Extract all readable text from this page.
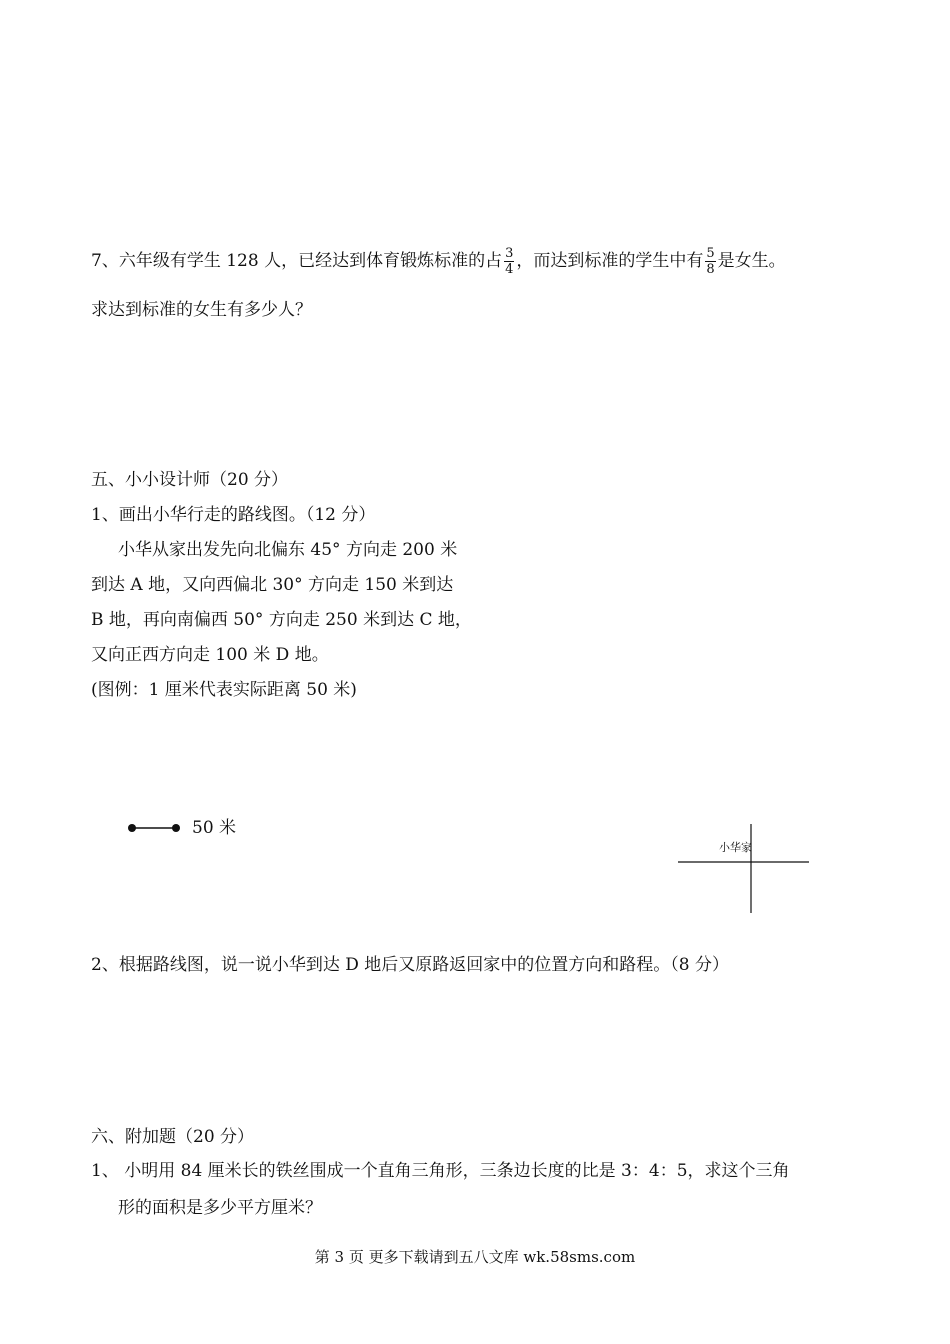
7、六年级有学生 128 人，已经达到体育锻炼标准的占 $\frac{3}{4}$ ，而达到标准的学生中有 $\frac{5}{8}$ 是女生。
求达到标准的女生有多少人？
五、小小设计师（20 分）
1、画出小华行走的路线图。（12 分）
小华从家出发先向北偏东 45° 方向走 200 米
到达 A 地，又向西偏北 30° 方向走 150 米到达
B 地，再向南偏西 50° 方向走 250 米到达 C 地，
又向正西方向走 100 米 D 地。
(图例：1 厘米代表实际距离 50 米)
50 米
小华家
2、根据路线图，说一说小华到达 D 地后又原路返回家中的位置方向和路程。（8 分）
六、附加题（20 分）
1、 小明用 84 厘米长的铁丝围成一个直角三角形，三条边长度的比是 3：4：5，求这个三角
形的面积是多少平方厘米？
第 3 页 更多下载请到五八文库 wk.58sms.com
